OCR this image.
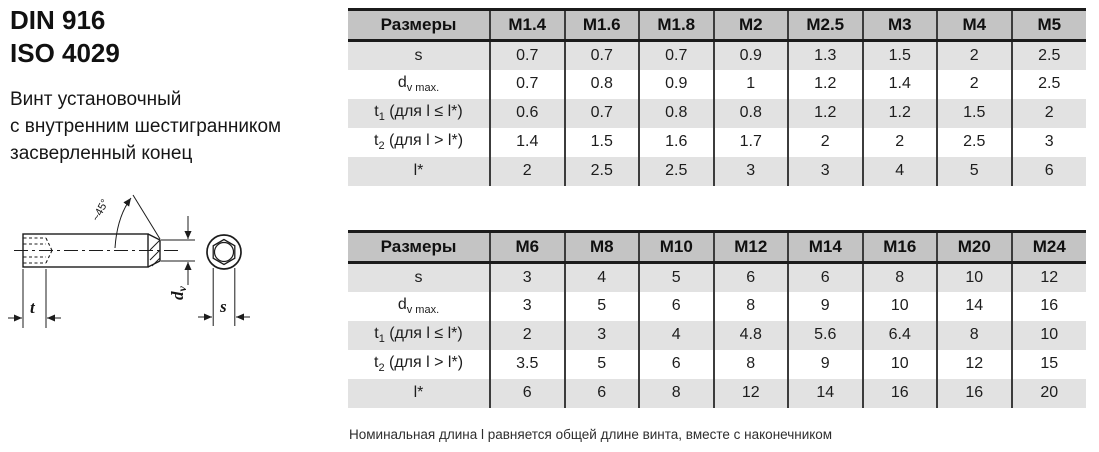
DIN 916
ISO 4029
Винт установочный
с внутренним шестигранником
засверленный конец
~45°
t
dv
s
Размеры	M1.4	M1.6	M1.8	M2	M2.5	M3	M4	M5
s	0.7	0.7	0.7	0.9	1.3	1.5	2	2.5
$d_{v max.}$	0.7	0.8	0.9	1	1.2	1.4	2	2.5
$t_1$ (для l ≤ l*)	0.6	0.7	0.8	0.8	1.2	1.2	1.5	2
$t_2$ (для l > l*)	1.4	1.5	1.6	1.7	2	2	2.5	3
l*	2	2.5	2.5	3	3	4	5	6
Размеры	M6	M8	M10	M12	M14	M16	M20	M24
s	3	4	5	6	6	8	10	12
$d_{v max.}$	3	5	6	8	9	10	14	16
$t_1$ (для l ≤ l*)	2	3	4	4.8	5.6	6.4	8	10
$t_2$ (для l > l*)	3.5	5	6	8	9	10	12	15
l*	6	6	8	12	14	16	16	20
Номинальная длина l равняется общей длине винта, вместе с наконечником
